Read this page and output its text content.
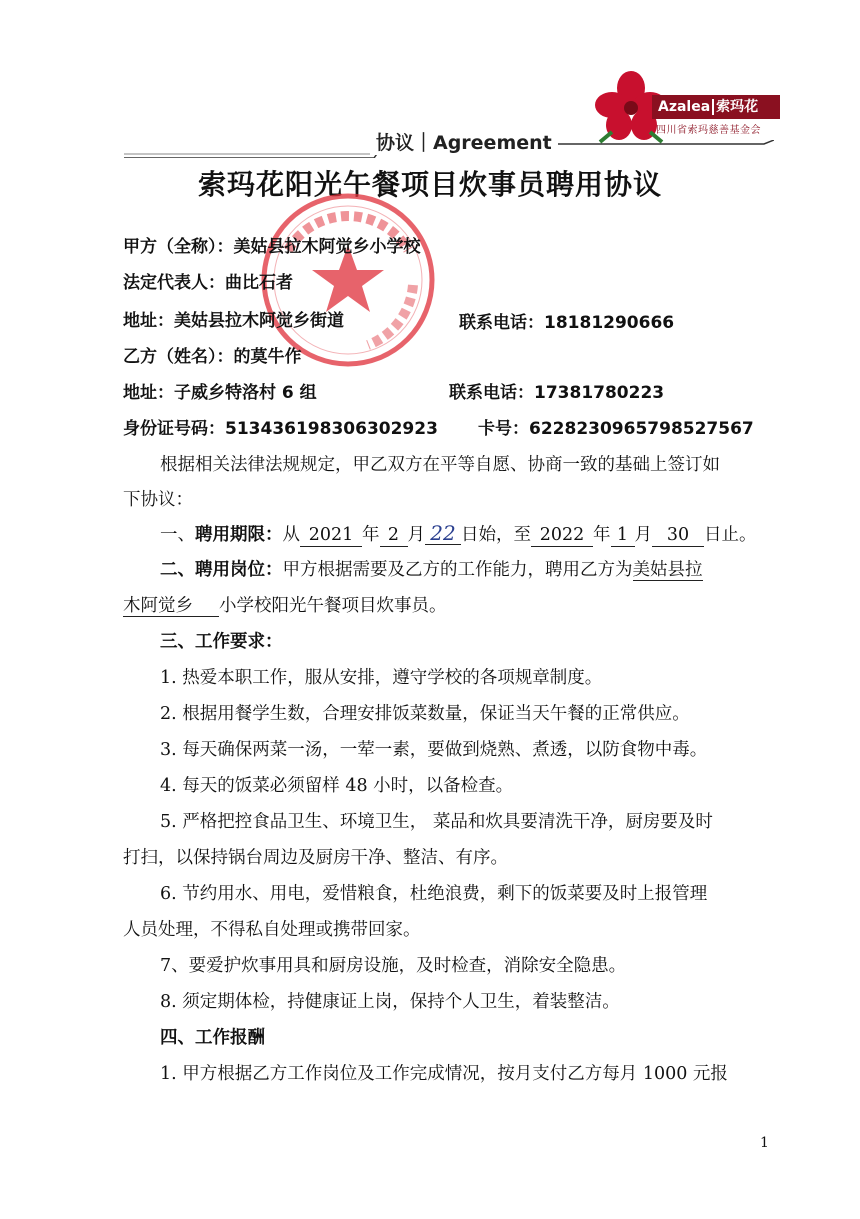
Azalea 索玛花
四川省索玛慈善基金会
协议｜Agreement
索玛花阳光午餐项目炊事员聘用协议
甲方（全称）：美姑县拉木阿觉乡小学校
法定代表人：曲比石者
地址：美姑县拉木阿觉乡街道	联系电话：18181290666
乙方（姓名）：的莫牛作
地址：子威乡特洛村 6 组	联系电话：17381780223
身份证号码：513436198306302923 卡号：6228230965798527567
根据相关法律法规规定，甲乙双方在平等自愿、协商一致的基础上签订如
下协议：
一、聘用期限：从 2021 年 2 月 22 日始，至 2022 年 1 月 30 日止。
二、聘用岗位：甲方根据需要及乙方的工作能力，聘用乙方为美姑县拉
木阿觉乡 小学校阳光午餐项目炊事员。
三、工作要求：
1. 热爱本职工作，服从安排，遵守学校的各项规章制度。
2. 根据用餐学生数，合理安排饭菜数量，保证当天午餐的正常供应。
3. 每天确保两菜一汤，一荤一素，要做到烧熟、煮透，以防食物中毒。
4. 每天的饭菜必须留样 48 小时，以备检查。
5. 严格把控食品卫生、环境卫生， 菜品和炊具要清洗干净，厨房要及时
打扫，以保持锅台周边及厨房干净、整洁、有序。
6. 节约用水、用电，爱惜粮食，杜绝浪费，剩下的饭菜要及时上报管理
人员处理，不得私自处理或携带回家。
7、要爱护炊事用具和厨房设施，及时检查，消除安全隐患。
8. 须定期体检，持健康证上岗，保持个人卫生，着装整洁。
四、工作报酬
1. 甲方根据乙方工作岗位及工作完成情况，按月支付乙方每月 1000 元报
1
